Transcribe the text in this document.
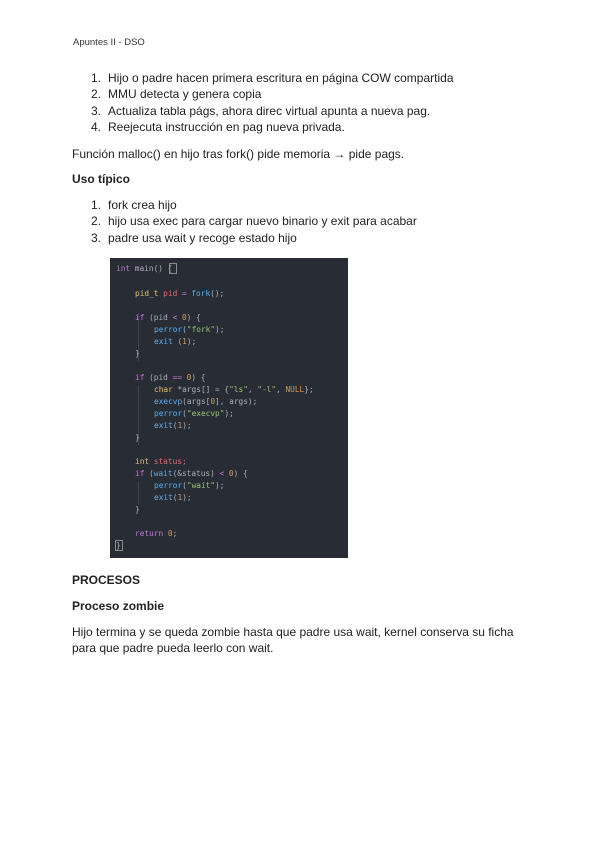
Apuntes II - DSO
1. Hijo o padre hacen primera escritura en página COW compartida
2. MMU detecta y genera copia
3. Actualiza tabla págs, ahora direc virtual apunta a nueva pag.
4. Reejecuta instrucción en pag nueva privada.
Función malloc() en hijo tras fork() pide memoria → pide pags.
Uso típico
1. fork crea hijo
2. hijo usa exec para cargar nuevo binario y exit para acabar
3. padre usa wait y recoge estado hijo
int main() {
pid_t pid = fork();
if (pid < 0) {
perror("fork");
exit (1);
}
if (pid == 0) {
char *args[] = {"ls", "-l", NULL};
execvp(args[0], args);
perror("execvp");
exit(1);
}
int status;
if (wait(&status) < 0) {
perror("wait");
exit(1);
}
return 0;
}
PROCESOS
Proceso zombie
Hijo termina y se queda zombie hasta que padre usa wait, kernel conserva su ficha
para que padre pueda leerlo con wait.
